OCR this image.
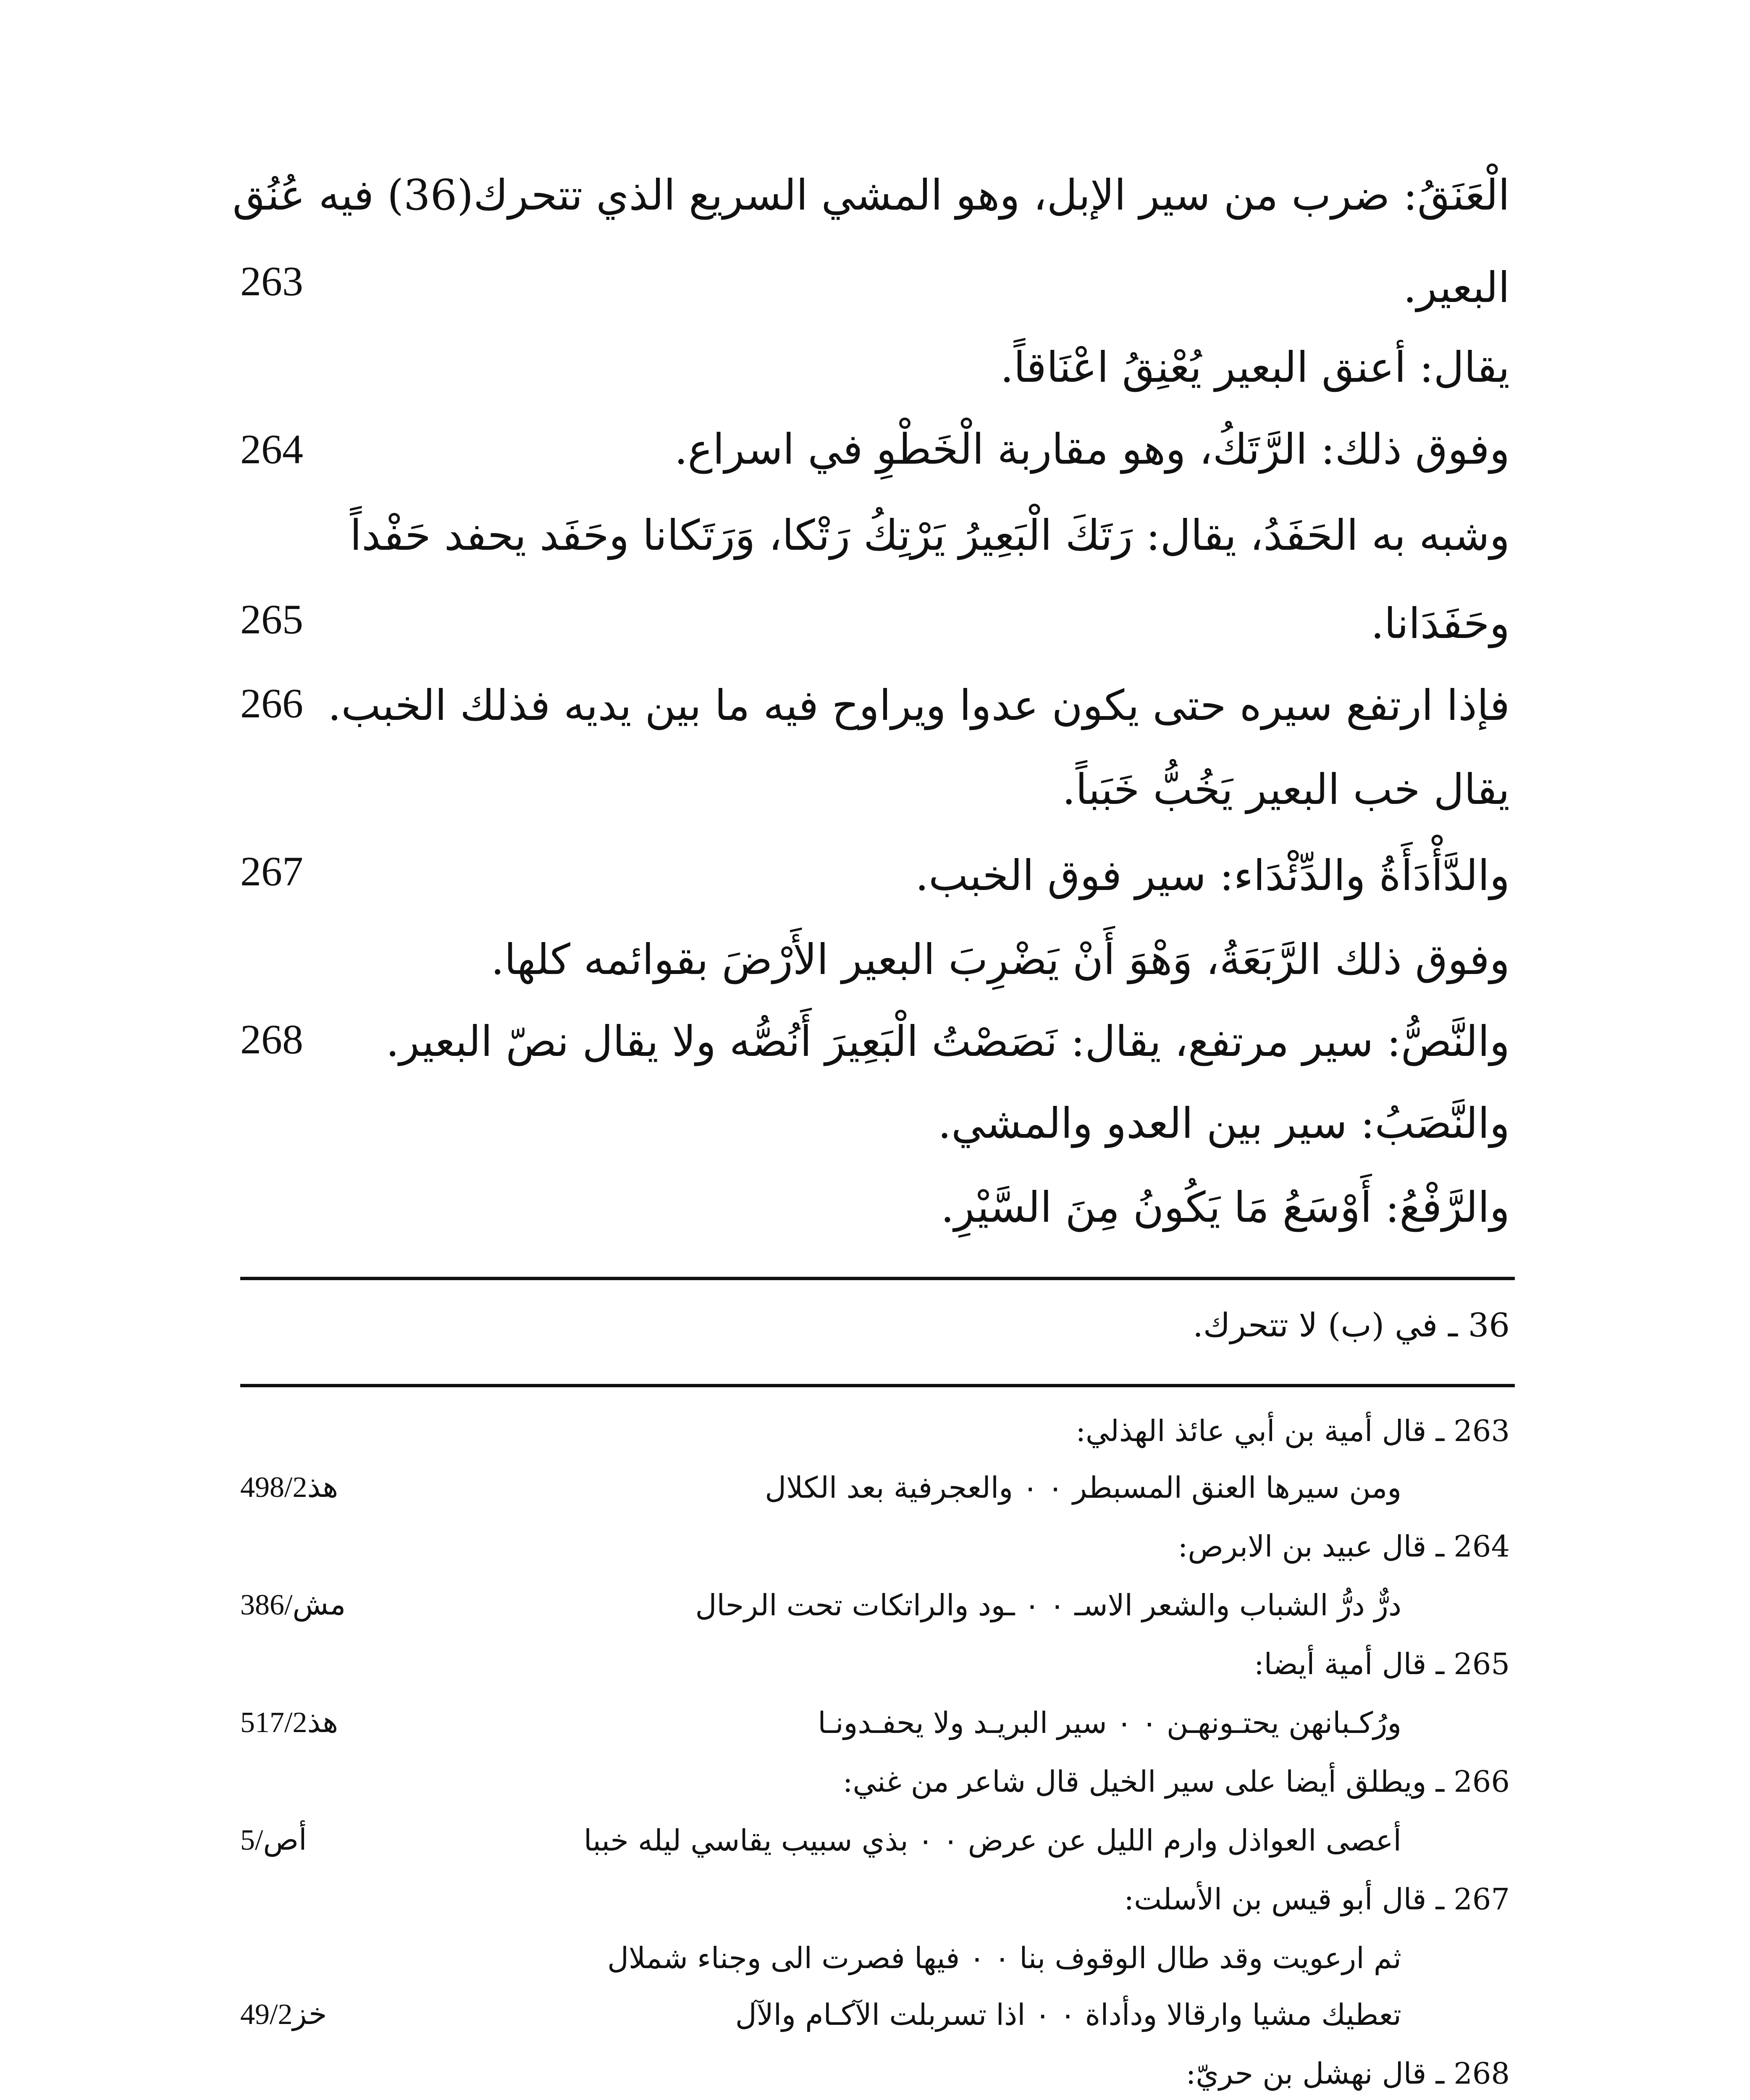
الْعَنَقُ: ضرب من سير الإبل، وهو المشي السريع الذي تتحرك(36) فيه عُنُق
البعير.
263
يقال: أعنق البعير يُعْنِقُ اعْنَاقاً.
وفوق ذلك: الرَّتَكُ، وهو مقاربة الْخَطْوِ في اسراع.
264
وشبه به الحَفَدُ، يقال: رَتَكَ الْبَعِيرُ يَرْتِكُ رَتْكا، وَرَتَكانا وحَفَد يحفد حَفْداً
وحَفَدَانا.
265
فإذا ارتفع سيره حتى يكون عدوا ويراوح فيه ما بين يديه فذلك الخبب.
266
يقال خب البعير يَخُبُّ خَبَباً.
والدَّأْدَأَةُ والدِّئْدَاء: سير فوق الخبب.
267
وفوق ذلك الرَّبَعَةُ، وَهْوَ أَنْ يَضْرِبَ البعير الأَرْضَ بقوائمه كلها.
والنَّصُّ: سير مرتفع، يقال: نَصَصْتُ الْبَعِيرَ أَنُصُّه ولا يقال نصّ البعير.
268
والنَّصَبُ: سير بين العدو والمشي.
والرَّفْعُ: أَوْسَعُ مَا يَكُونُ مِنَ السَّيْرِ.
36 ـ في (ب) لا تتحرك.
263 ـ قال أمية بن أبي عائذ الهذلي:
ومن سيرها العنق المسبطر ٠ ٠ والعجرفية بعد الكلال
هذ498/2
264 ـ قال عبيد بن الابرص:
درٌّ درُّ الشباب والشعر الاسـ ٠ ٠ ـود والراتكات تحت الرحال
مش/386
265 ـ قال أمية أيضا:
ورُكـبانهن يحتـونهـن ٠ ٠ سير البريـد ولا يحفـدونـا
هذ517/2
266 ـ ويطلق أيضا على سير الخيل قال شاعر من غني:
أعصى العواذل وارم الليل عن عرض ٠ ٠ بذي سبيب يقاسي ليله خببا
أص/5
267 ـ قال أبو قيس بن الأسلت:
ثم ارعويت وقد طال الوقوف بنا ٠ ٠ فيها فصرت الى وجناء شملال
تعطيك مشيا وارقالا ودأداة ٠ ٠ اذا تسربلت الآكـام والآل
خز49/2
268 ـ قال نهشل بن حريّ:
